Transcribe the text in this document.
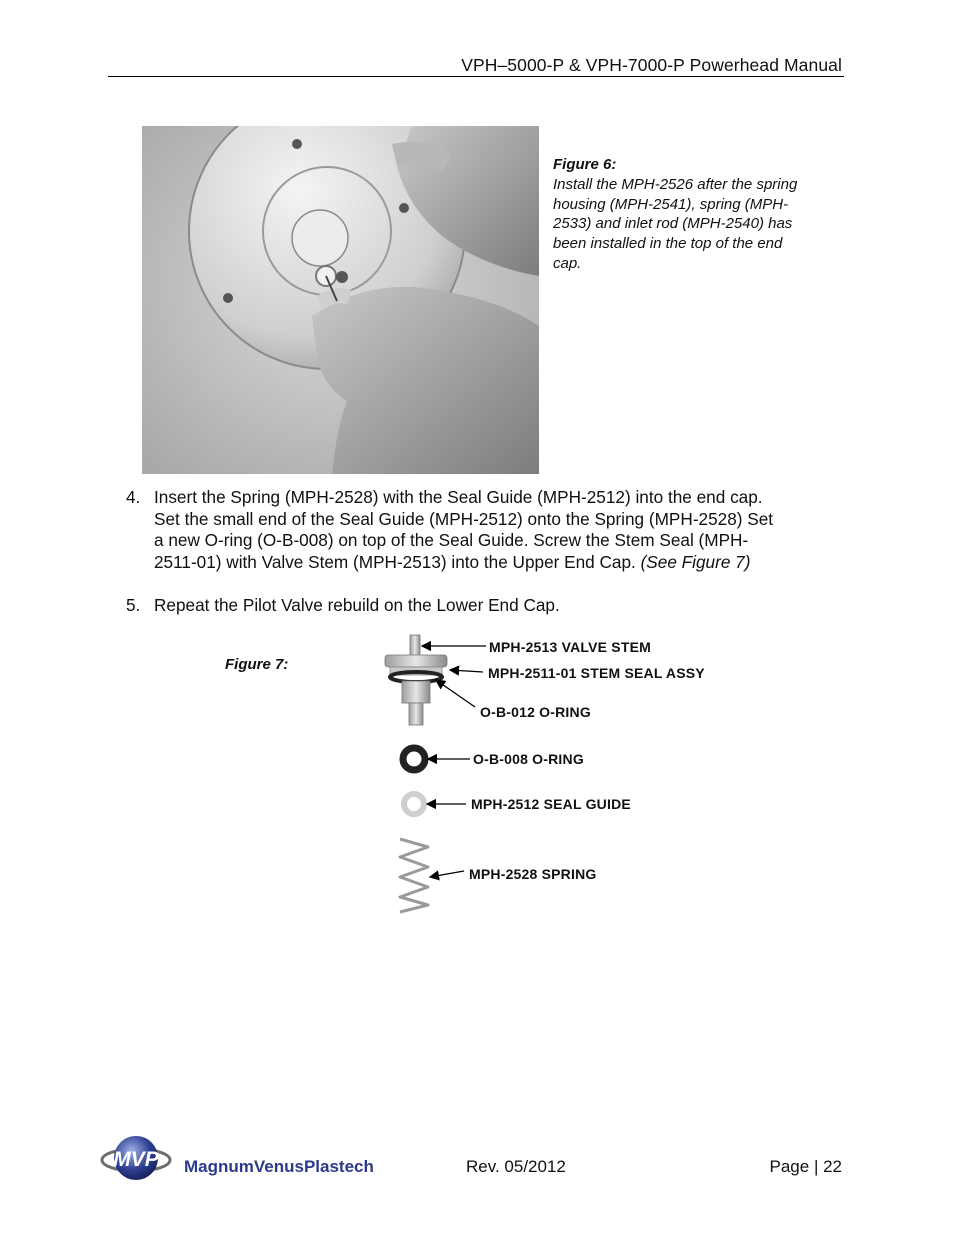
VPH–5000-P & VPH-7000-P Powerhead Manual
Figure 6:
Install the MPH-2526 after the spring
housing (MPH-2541), spring (MPH-
2533) and inlet rod (MPH-2540) has
been installed in the top of the end
cap.
4. Insert the Spring (MPH-2528) with the Seal Guide (MPH-2512) into the end cap.
Set the small end of the Seal Guide (MPH-2512) onto the Spring (MPH-2528) Set
a new O-ring (O-B-008) on top of the Seal Guide. Screw the Stem Seal (MPH-
2511-01) with Valve Stem (MPH-2513) into the Upper End Cap. (See Figure 7)
5. Repeat the Pilot Valve rebuild on the Lower End Cap.
Figure 7:
MPH-2513 VALVE STEM
MPH-2511-01 STEM SEAL ASSY
O-B-012 O-RING
O-B-008 O-RING
MPH-2512 SEAL GUIDE
MPH-2528 SPRING
MVP MagnumVenusPlastech	Rev. 05/2012	Page | 22
